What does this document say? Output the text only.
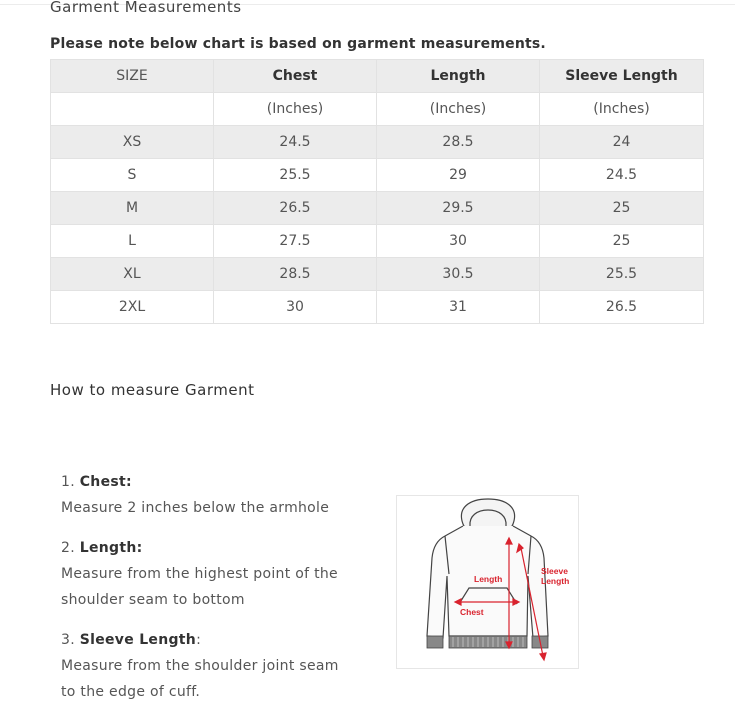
Garment Measurements
Please note below chart is based on garment measurements.
SIZE	Chest	Length	Sleeve Length
	(Inches)	(Inches)	(Inches)
XS	24.5	28.5	24
S	25.5	29	24.5
M	26.5	29.5	25
L	27.5	30	25
XL	28.5	30.5	25.5
2XL	30	31	26.5
How to measure Garment
1. Chest:
Measure 2 inches below the armhole
2. Length:
Measure from the highest point of the
shoulder seam to bottom
3. Sleeve Length:
Measure from the shoulder joint seam
to the edge of cuff.
Length
Chest
Sleeve
Length
